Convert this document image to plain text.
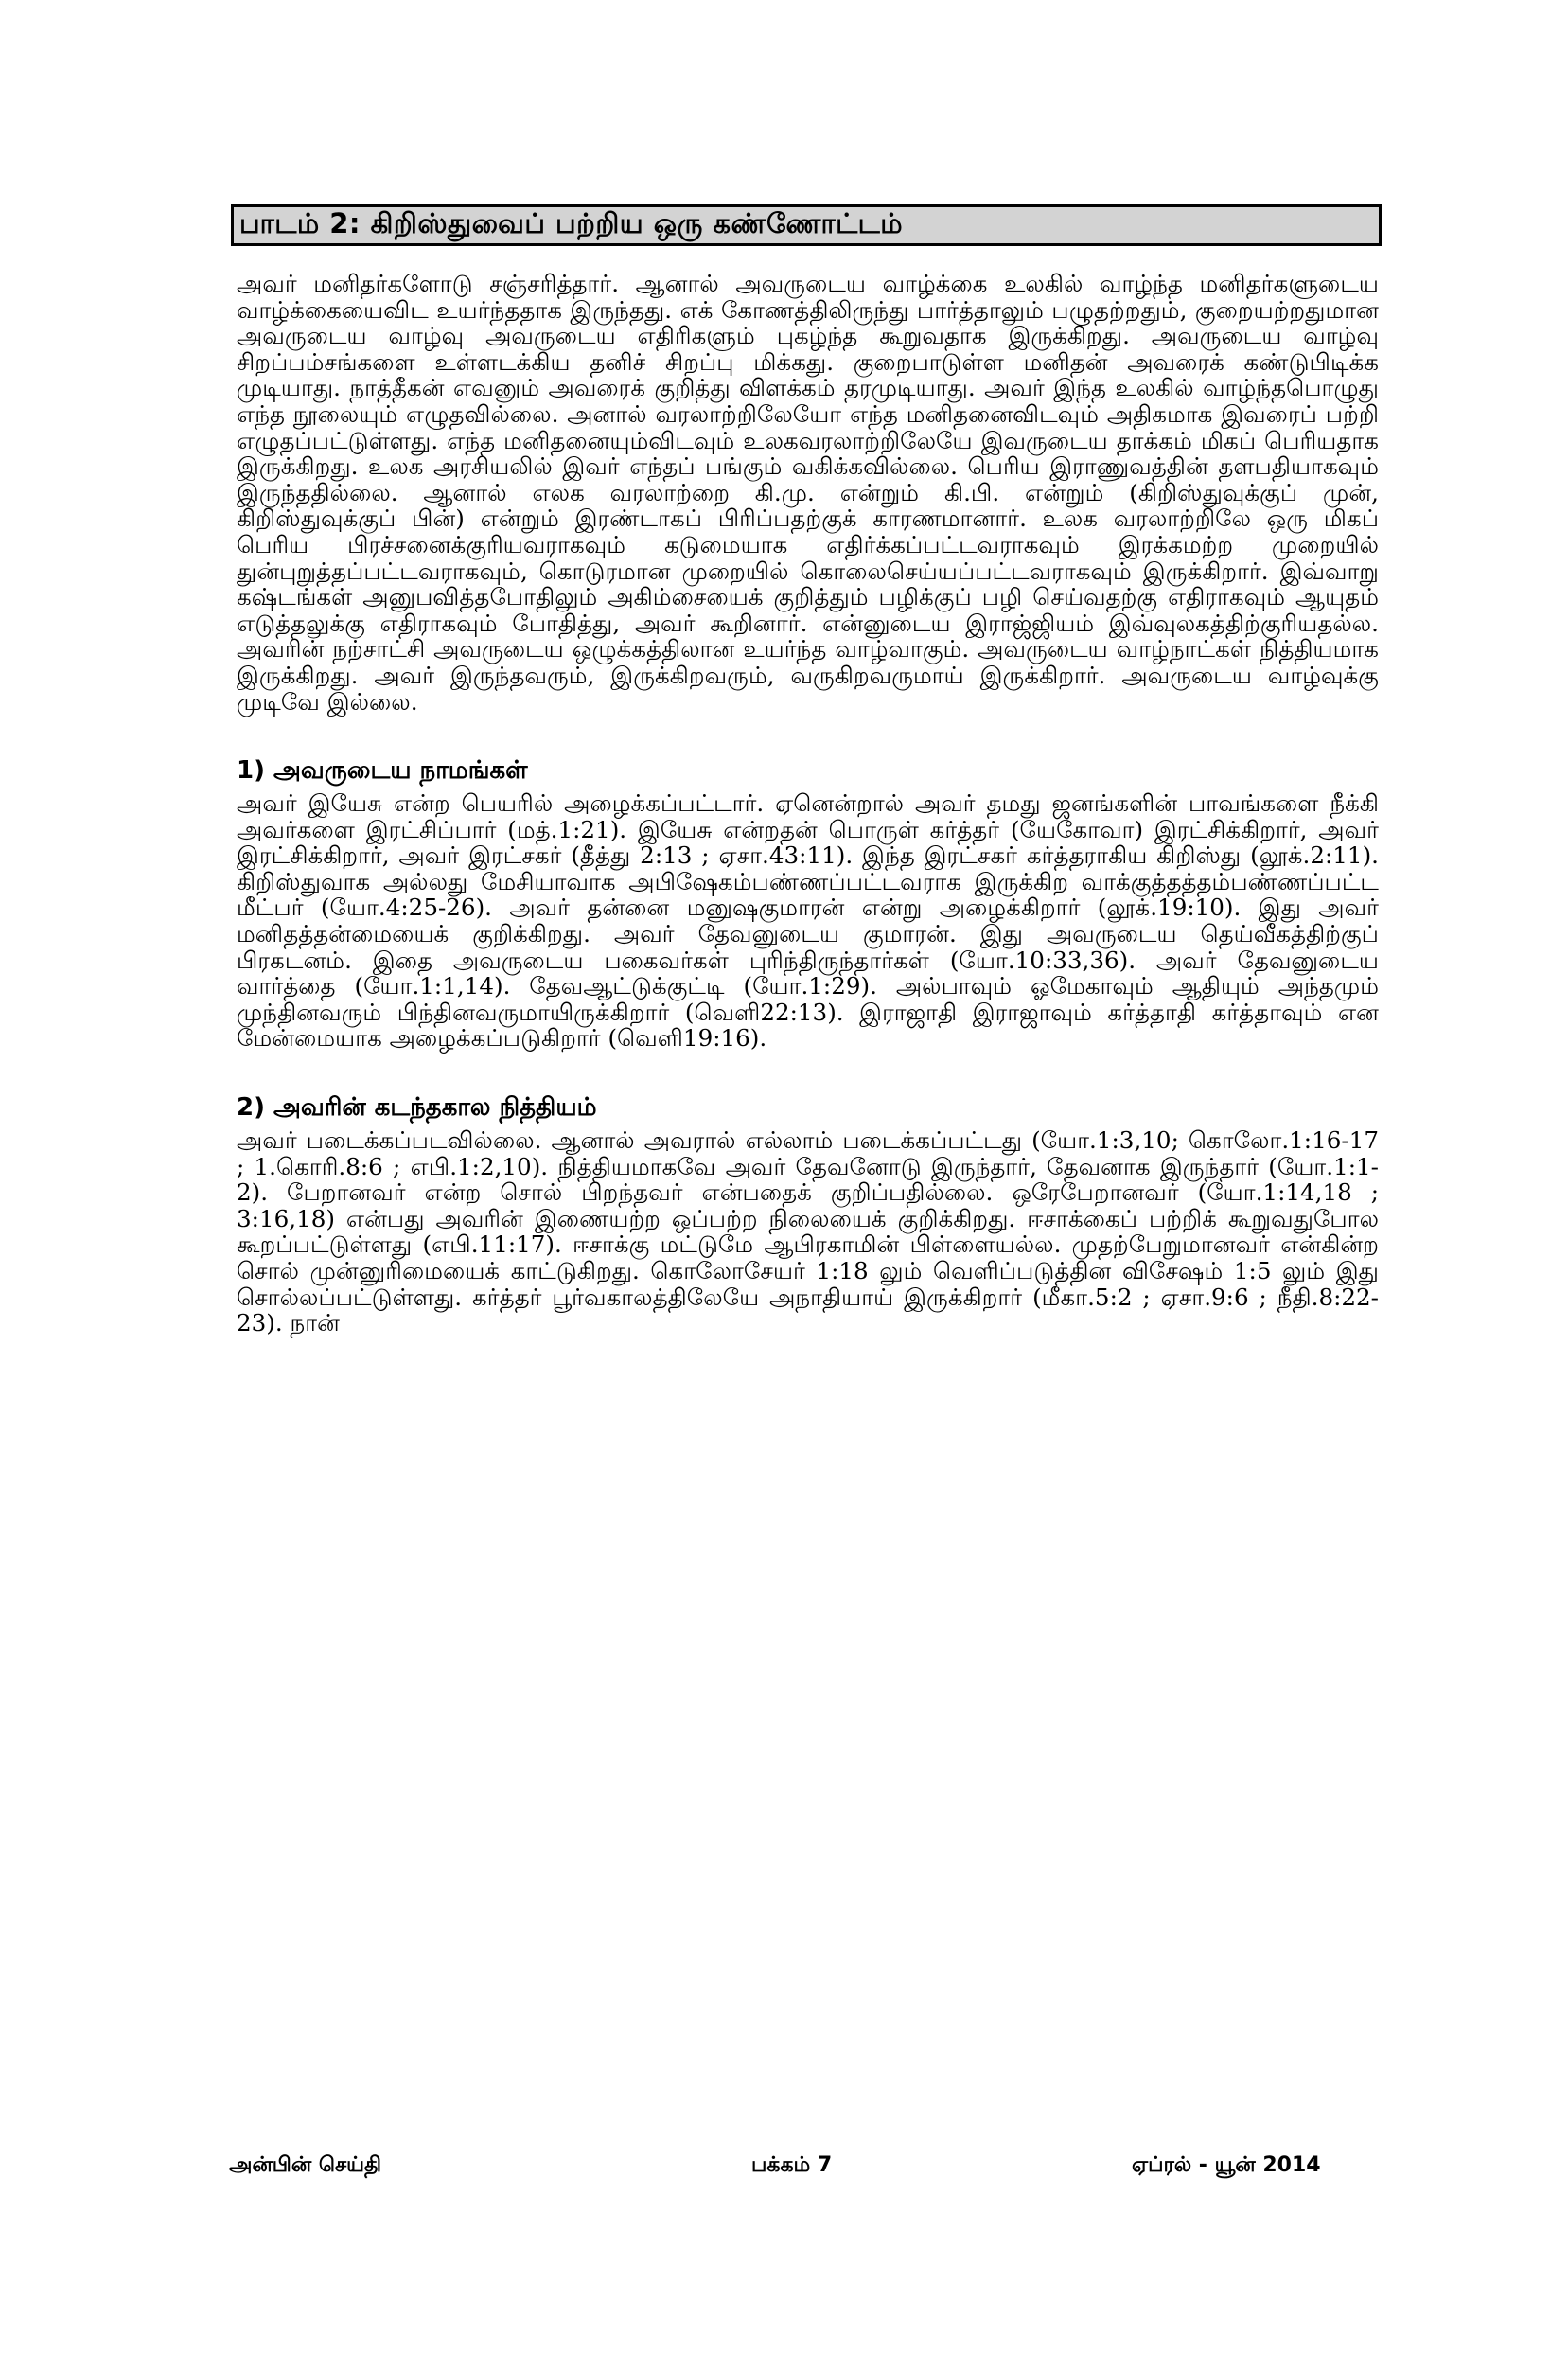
பாடம் 2: கிறிஸ்துவைப் பற்றிய ஒரு கண்ணோட்டம்

அவர் மனிதர்களோடு சஞ்சரித்தார். ஆனால் அவருடைய வாழ்க்கை உலகில் வாழ்ந்த மனிதர்களுடைய வாழ்க்கையைவிட உயர்ந்ததாக இருந்தது. எக் கோணத்திலிருந்து பார்த்தாலும் பழுதற்றதும், குறையற்றதுமான அவருடைய வாழ்வு அவருடைய எதிரிகளும் புகழ்ந்த கூறுவதாக இருக்கிறது. அவருடைய வாழ்வு சிறப்பம்சங்களை உள்ளடக்கிய தனிச் சிறப்பு மிக்கது. குறைபாடுள்ள மனிதன் அவரைக் கண்டுபிடிக்க முடியாது. நாத்தீகன் எவனும் அவரைக் குறித்து விளக்கம் தரமுடியாது. அவர் இந்த உலகில் வாழ்ந்தபொழுது எந்த நூலையும் எழுதவில்லை. அனால் வரலாற்றிலேயோ எந்த மனிதனைவிடவும் அதிகமாக இவரைப் பற்றி எழுதப்பட்டுள்ளது. எந்த மனிதனையும்விடவும் உலகவரலாற்றிலேயே இவருடைய தாக்கம் மிகப் பெரியதாக இருக்கிறது. உலக அரசியலில் இவர் எந்தப் பங்கும் வகிக்கவில்லை. பெரிய இராணுவத்தின் தளபதியாகவும் இருந்ததில்லை. ஆனால் எலக வரலாற்றை கி.மு. என்றும் கி.பி. என்றும் (கிறிஸ்துவுக்குப் முன், கிறிஸ்துவுக்குப் பின்) என்றும் இரண்டாகப் பிரிப்பதற்குக் காரணமானார். உலக வரலாற்றிலே ஒரு மிகப் பெரிய பிரச்சனைக்குரியவராகவும் கடுமையாக எதிர்க்கப்பட்டவராகவும் இரக்கமற்ற முறையில் துன்புறுத்தப்பட்டவராகவும், கொடுரமான முறையில் கொலைசெய்யப்பட்டவராகவும் இருக்கிறார். இவ்வாறு கஷ்டங்கள் அனுபவித்தபோதிலும் அகிம்சையைக் குறித்தும் பழிக்குப் பழி செய்வதற்கு எதிராகவும் ஆயுதம் எடுத்தலுக்கு எதிராகவும் போதித்து, அவர் கூறினார். என்னுடைய இராஜ்ஜியம் இவ்வுலகத்திற்குரியதல்ல. அவரின் நற்சாட்சி அவருடைய ஒழுக்கத்திலான உயர்ந்த வாழ்வாகும். அவருடைய வாழ்நாட்கள் நித்தியமாக இருக்கிறது. அவர் இருந்தவரும், இருக்கிறவரும், வருகிறவருமாய் இருக்கிறார். அவருடைய வாழ்வுக்கு முடிவே இல்லை.

1) அவருடைய நாமங்கள்

அவர் இயேசு என்ற பெயரில் அழைக்கப்பட்டார். ஏனென்றால் அவர் தமது ஜனங்களின் பாவங்களை நீக்கி அவர்களை இரட்சிப்பார் (மத்.1:21). இயேசு என்றதன் பொருள் கர்த்தர் (யேகோவா) இரட்சிக்கிறார், அவர் இரட்சிக்கிறார், அவர் இரட்சகர் (தீத்து 2:13 ; ஏசா.43:11). இந்த இரட்சகர் கர்த்தராகிய கிறிஸ்து (லூக்.2:11). கிறிஸ்துவாக அல்லது மேசியாவாக அபிஷேகம்பண்ணப்பட்டவராக இருக்கிற வாக்குத்தத்தம்பண்ணப்பட்ட மீட்பர் (யோ.4:25-26). அவர் தன்னை மனுஷகுமாரன் என்று அழைக்கிறார் (லூக்.19:10). இது அவர் மனிதத்தன்மையைக் குறிக்கிறது. அவர் தேவனுடைய குமாரன். இது அவருடைய தெய்வீகத்திற்குப் பிரகடனம். இதை அவருடைய பகைவர்கள் புரிந்திருந்தார்கள் (யோ.10:33,36). அவர் தேவனுடைய வார்த்தை (யோ.1:1,14). தேவஆட்டுக்குட்டி (யோ.1:29). அல்பாவும் ஓமேகாவும் ஆதியும் அந்தமும் முந்தினவரும் பிந்தினவருமாயிருக்கிறார் (வெளி22:13). இராஜாதி இராஜாவும் கர்த்தாதி கர்த்தாவும் என மேன்மையாக அழைக்கப்படுகிறார் (வெளி19:16).

2) அவரின் கடந்தகால நித்தியம்

அவர் படைக்கப்படவில்லை. ஆனால் அவரால் எல்லாம் படைக்கப்பட்டது (யோ.1:3,10; கொலோ.1:16-17 ; 1.கொரி.8:6 ; எபி.1:2,10). நித்தியமாகவே அவர் தேவனோடு இருந்தார், தேவனாக இருந்தார் (யோ.1:1-2). பேறானவர் என்ற சொல் பிறந்தவர் என்பதைக் குறிப்பதில்லை. ஒரேபேறானவர் (யோ.1:14,18 ; 3:16,18) என்பது அவரின் இணையற்ற ஒப்பற்ற நிலையைக் குறிக்கிறது. ஈசாக்கைப் பற்றிக் கூறுவதுபோல கூறப்பட்டுள்ளது (எபி.11:17). ஈசாக்கு மட்டுமே ஆபிரகாமின் பிள்ளையல்ல. முதற்பேறுமானவர் என்கின்ற சொல் முன்னுரிமையைக் காட்டுகிறது. கொலோசேயர் 1:18 லும் வெளிப்படுத்தின விசேஷம் 1:5 லும் இது சொல்லப்பட்டுள்ளது. கர்த்தர் பூர்வகாலத்திலேயே அநாதியாய் இருக்கிறார் (மீகா.5:2 ; ஏசா.9:6 ; நீதி.8:22-23). நான்

அன்பின் செய்தி	பக்கம் 7	ஏப்ரல் - யூன் 2014
